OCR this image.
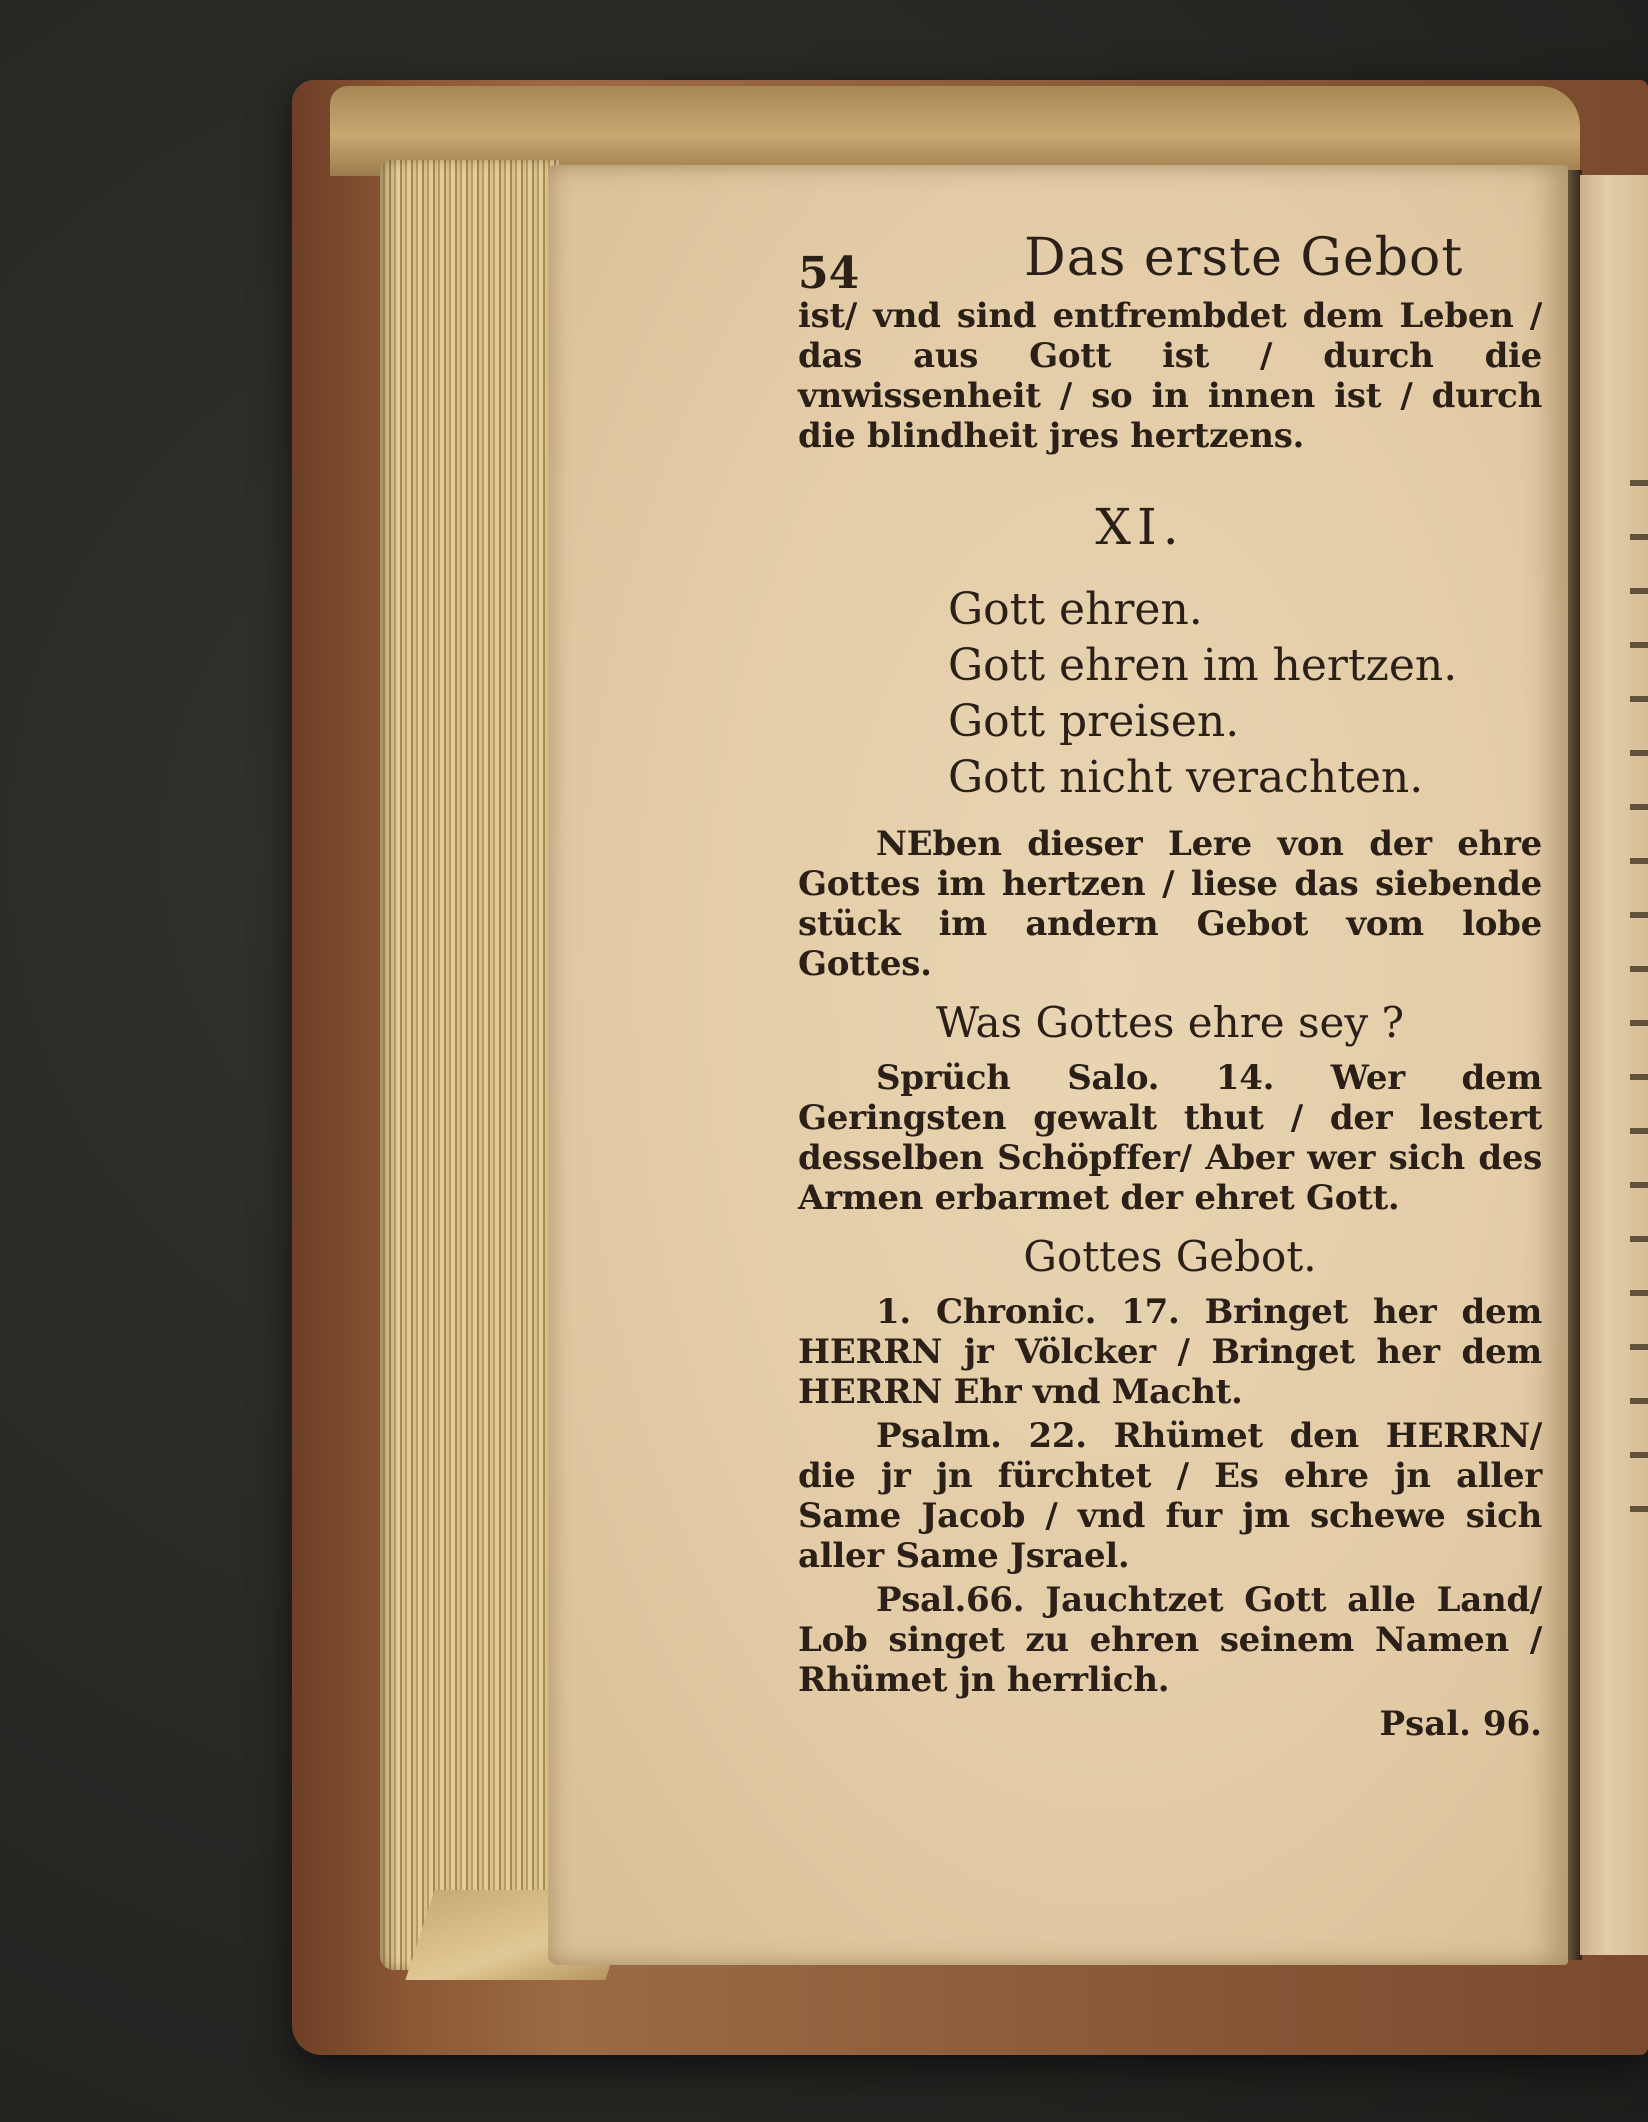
54	Das erste Gebot

ist/ vnd sind entfrembdet dem Leben / das aus Gott ist / durch die vnwissenheit / so in innen ist / durch die blindheit jres hertzens.

XI.
Gott ehren.
Gott ehren im hertzen.
Gott preisen.
Gott nicht verachten.

NEben dieser Lere von der ehre Gottes im hertzen / liese das siebende stück im andern Gebot vom lobe Gottes.

Was Gottes ehre sey ?

Sprüch Salo. 14. Wer dem Geringsten gewalt thut / der lestert desselben Schöpffer/ Aber wer sich des Armen erbarmet der ehret Gott.

Gottes Gebot.

1. Chronic. 17. Bringet her dem HERRN jr Völcker / Bringet her dem HERRN Ehr vnd Macht.

Psalm. 22. Rhümet den HERRN/ die jr jn fürchtet / Es ehre jn aller Same Jacob / vnd fur jm schewe sich aller Same Jsrael.

Psal.66. Jauchtzet Gott alle Land/ Lob singet zu ehren seinem Namen / Rhümet jn herrlich.

Psal. 96.
